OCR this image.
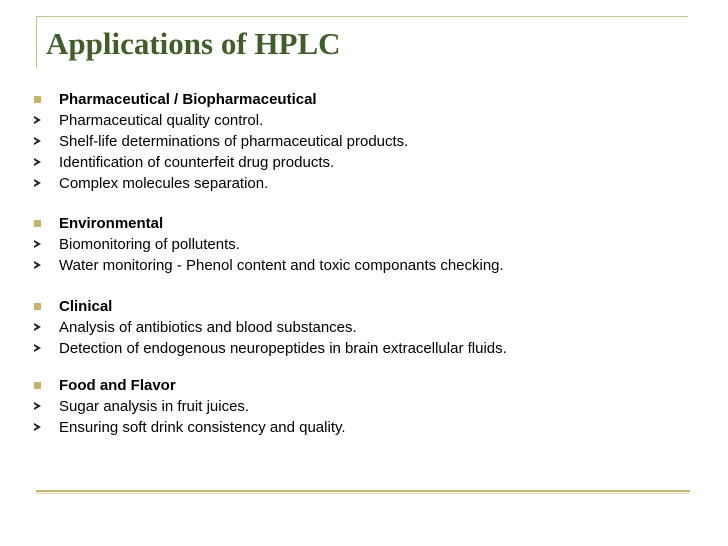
Applications of HPLC
Pharmaceutical / Biopharmaceutical
Pharmaceutical quality control.
Shelf-life determinations of pharmaceutical products.
Identification of counterfeit drug products.
Complex molecules separation.
Environmental
Biomonitoring of pollutents.
Water monitoring - Phenol content and toxic componants checking.
Clinical
Analysis of antibiotics and blood substances.
Detection of endogenous neuropeptides in brain extracellular fluids.
Food and Flavor
Sugar analysis in fruit juices.
Ensuring soft drink consistency and quality.
